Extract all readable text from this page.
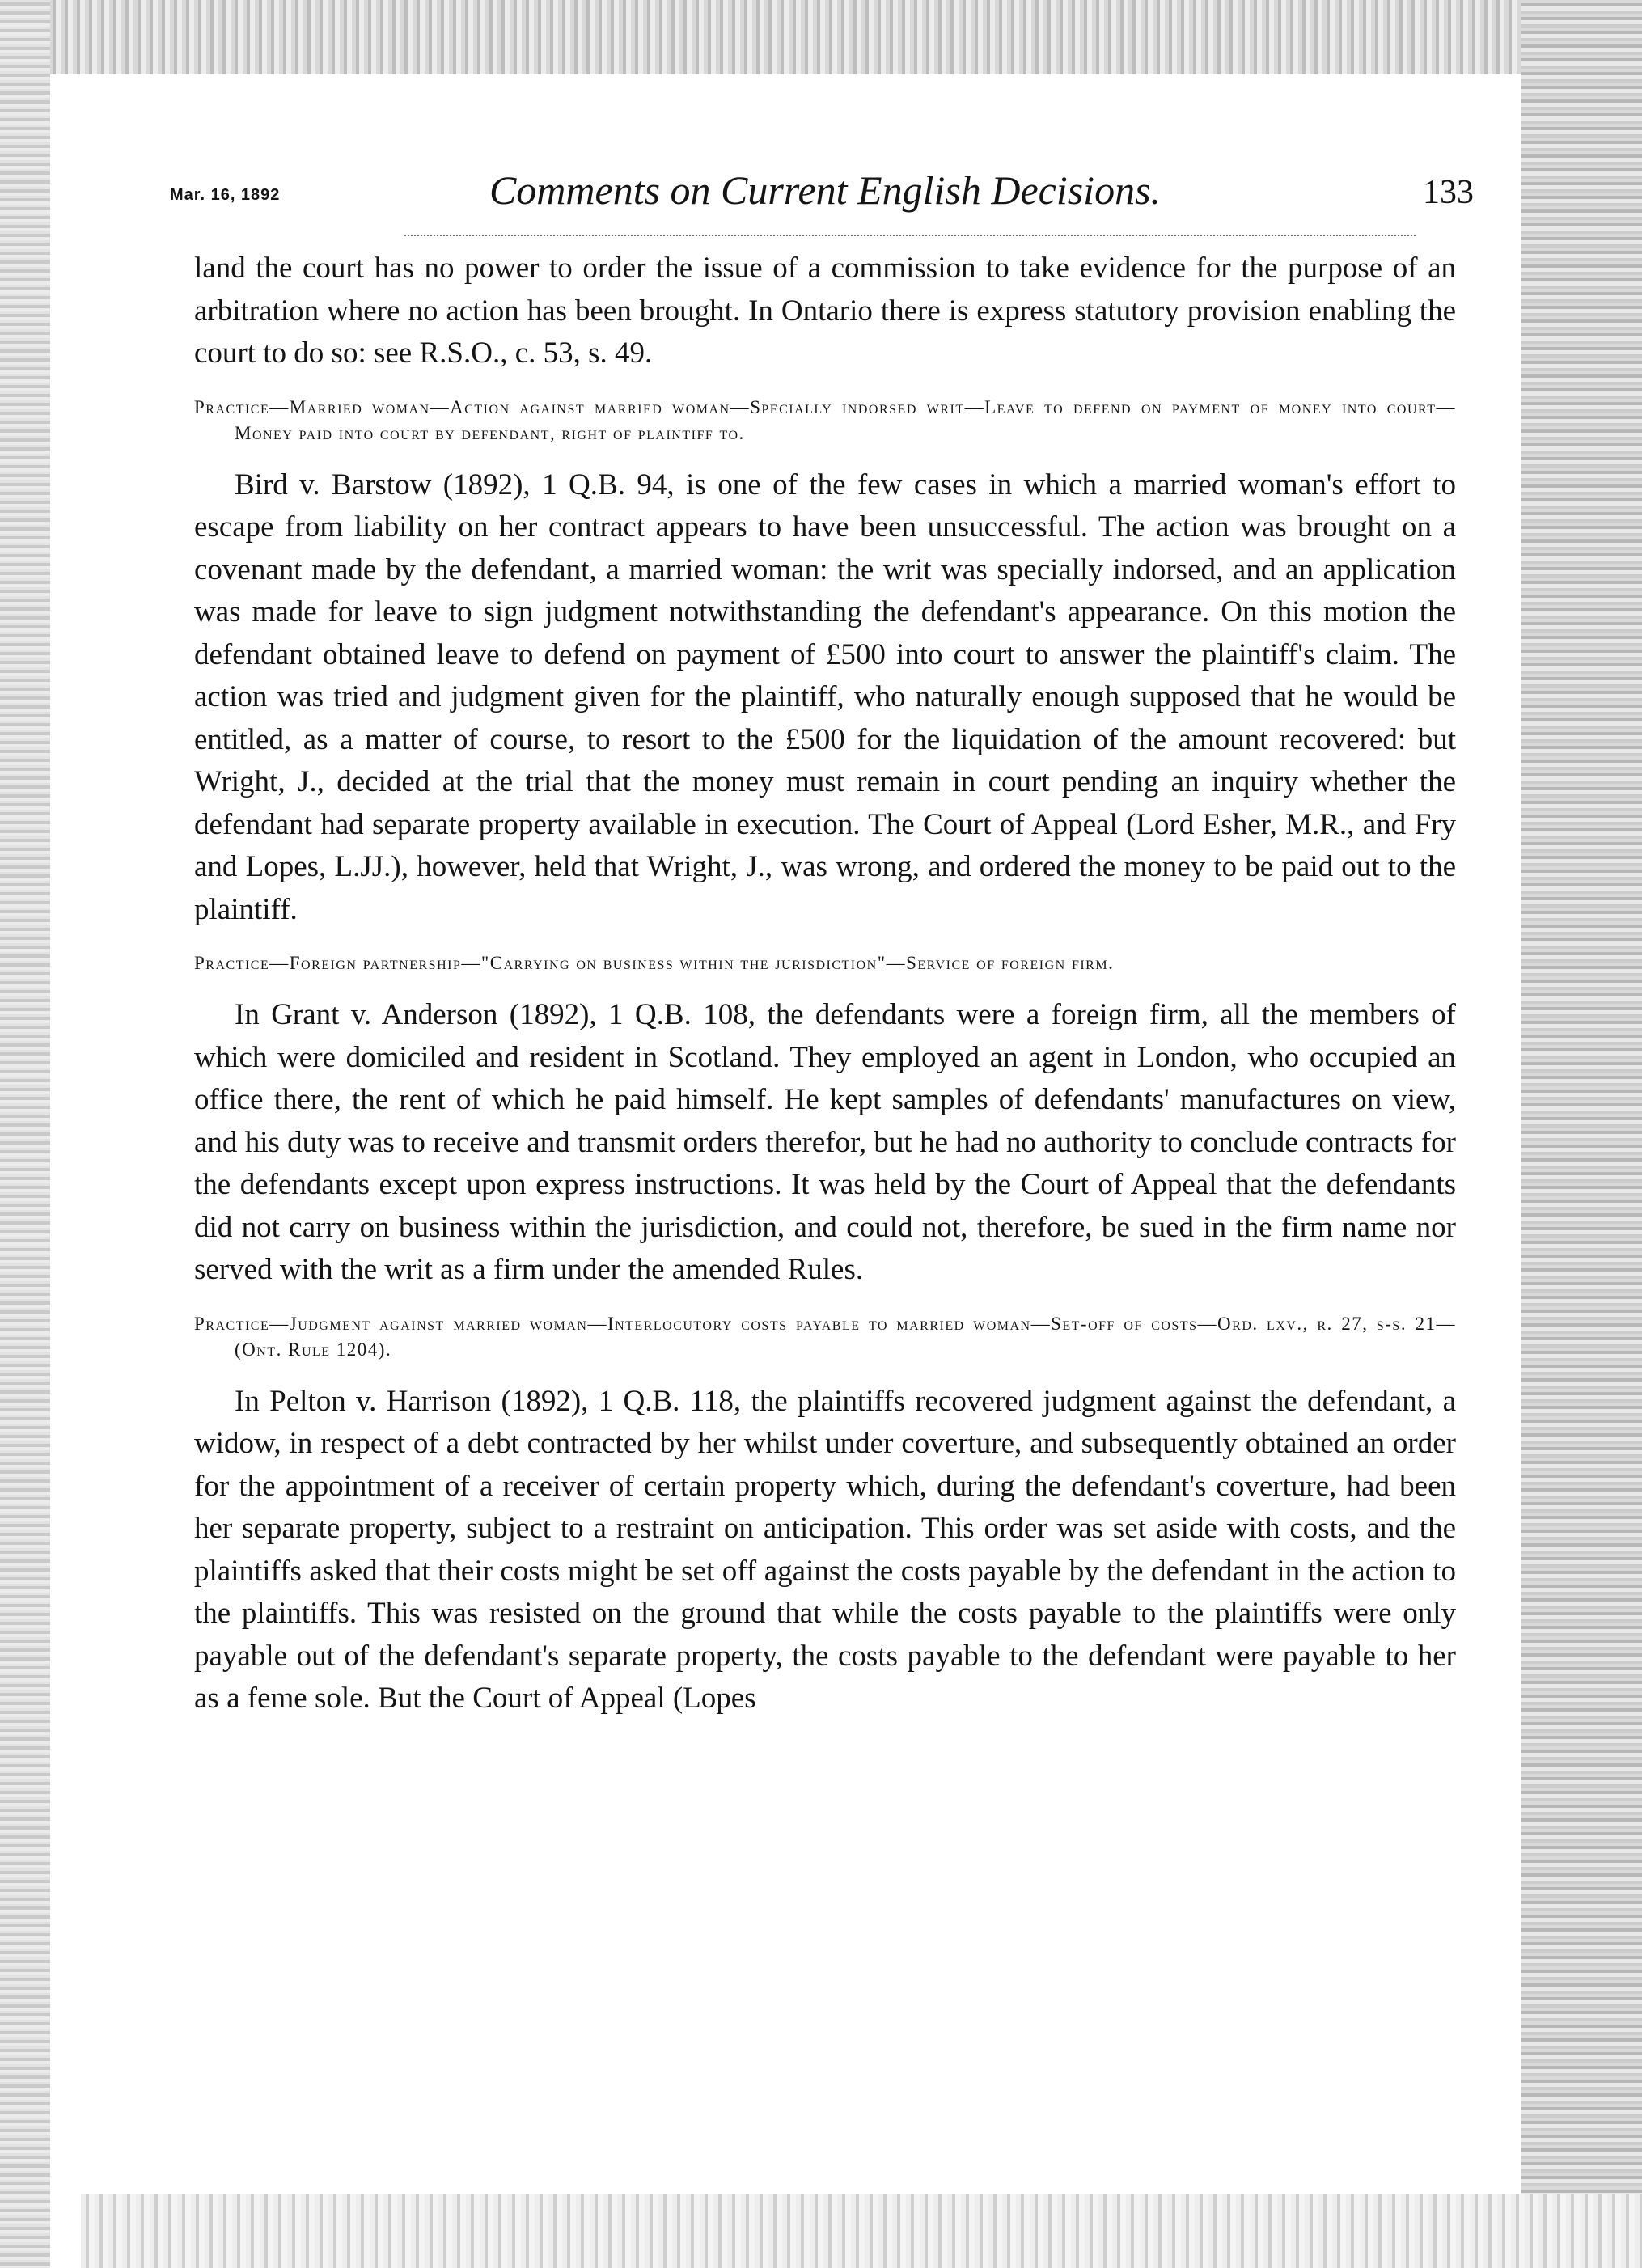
Mar. 16, 1892	Comments on Current English Decisions.	133

land the court has no power to order the issue of a commission to take evidence for the purpose of an arbitration where no action has been brought. In Ontario there is express statutory provision enabling the court to do so: see R.S.O., c. 53, s. 49.

Practice—Married woman—Action against married woman—Specially indorsed writ—Leave to defend on payment of money into court—Money paid into court by defendant, right of plaintiff to.

Bird v. Barstow (1892), 1 Q.B. 94, is one of the few cases in which a married woman's effort to escape from liability on her contract appears to have been unsuccessful. The action was brought on a covenant made by the defendant, a married woman: the writ was specially indorsed, and an application was made for leave to sign judgment notwithstanding the defendant's appearance. On this motion the defendant obtained leave to defend on payment of £500 into court to answer the plaintiff's claim. The action was tried and judgment given for the plaintiff, who naturally enough supposed that he would be entitled, as a matter of course, to resort to the £500 for the liquidation of the amount recovered: but Wright, J., decided at the trial that the money must remain in court pending an inquiry whether the defendant had separate property available in execution. The Court of Appeal (Lord Esher, M.R., and Fry and Lopes, L.JJ.), however, held that Wright, J., was wrong, and ordered the money to be paid out to the plaintiff.

Practice—Foreign partnership—"Carrying on business within the jurisdiction"—Service of foreign firm.

In Grant v. Anderson (1892), 1 Q.B. 108, the defendants were a foreign firm, all the members of which were domiciled and resident in Scotland. They employed an agent in London, who occupied an office there, the rent of which he paid himself. He kept samples of defendants' manufactures on view, and his duty was to receive and transmit orders therefor, but he had no authority to conclude contracts for the defendants except upon express instructions. It was held by the Court of Appeal that the defendants did not carry on business within the jurisdiction, and could not, therefore, be sued in the firm name nor served with the writ as a firm under the amended Rules.

Practice—Judgment against married woman—Interlocutory costs payable to married woman—Set-off of costs—Ord. lxv., r. 27, s-s. 21—(Ont. Rule 1204).

In Pelton v. Harrison (1892), 1 Q.B. 118, the plaintiffs recovered judgment against the defendant, a widow, in respect of a debt contracted by her whilst under coverture, and subsequently obtained an order for the appointment of a receiver of certain property which, during the defendant's coverture, had been her separate property, subject to a restraint on anticipation. This order was set aside with costs, and the plaintiffs asked that their costs might be set off against the costs payable by the defendant in the action to the plaintiffs. This was resisted on the ground that while the costs payable to the plaintiffs were only payable out of the defendant's separate property, the costs payable to the defendant were payable to her as a feme sole. But the Court of Appeal (Lopes
